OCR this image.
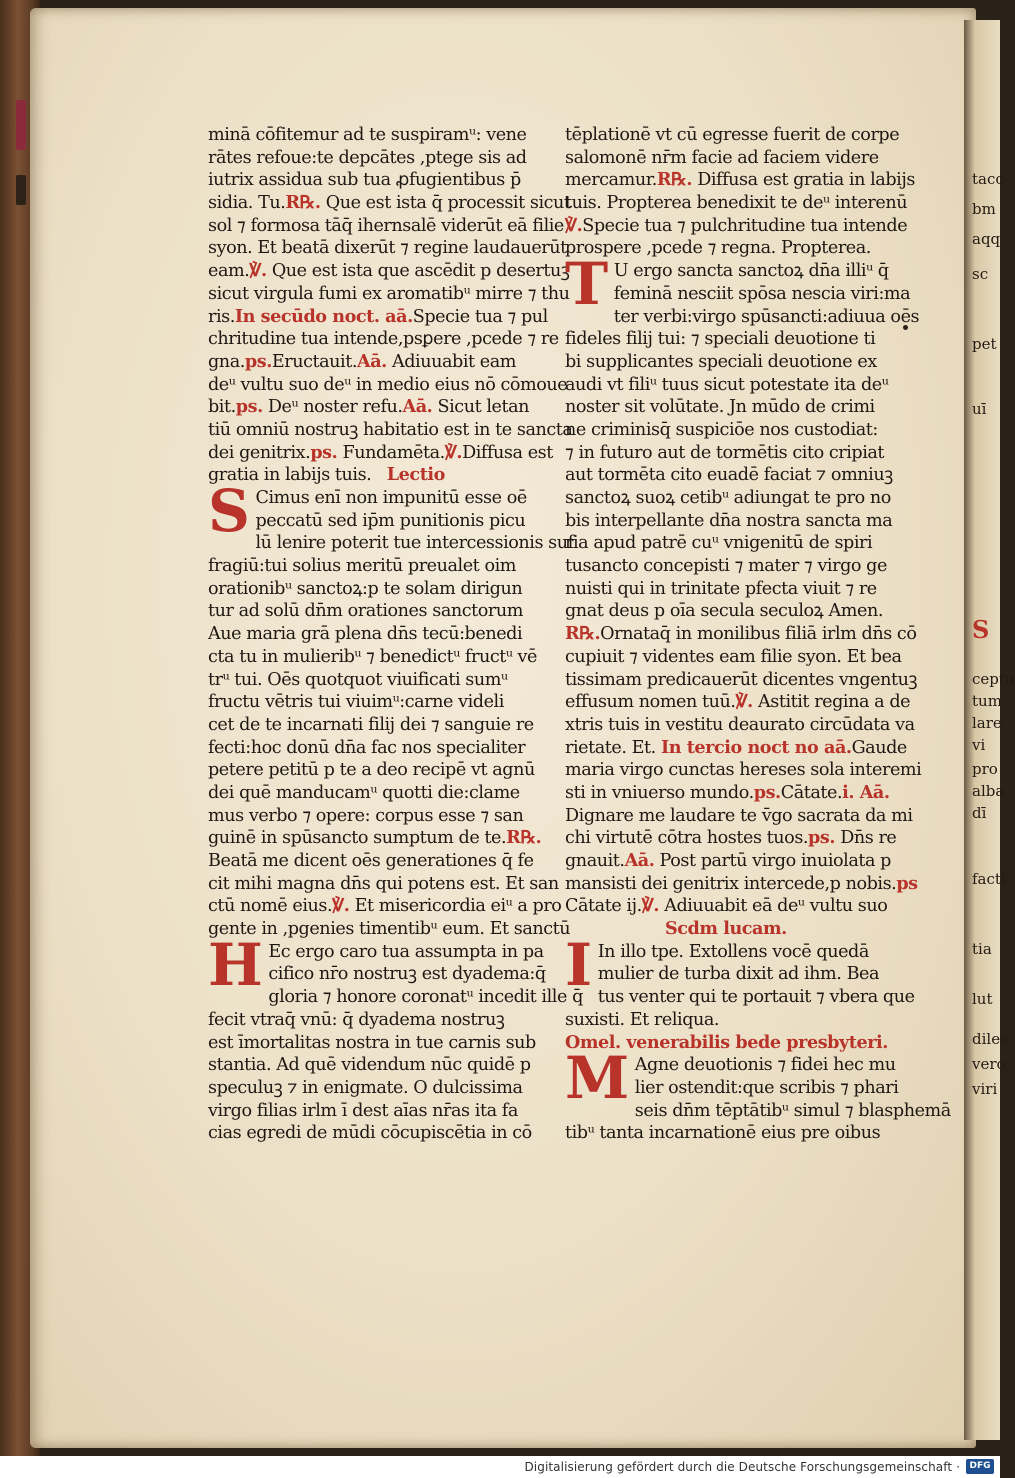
tacc
bm
aqq
sc
pet
uī
S
ceptu
tum
lare
vi
pro
alba
dī
facti
tia
lut
dilec
vero
viri
minā cōfitemur ad te suspiramᵘ: vene
rātes refoue:te depcātes ,ptege sis ad
iutrix assidua sub tua ꝓfugientibus p̄
sidia. Tu.R℞. Que est ista q̄ processit sicut
sol ⁊ formosa tāq̄ ihernsalē viderūt eā filie
syon. Et beatā dixerūt ⁊ regine laudauerūt
eam.℣. Que est ista que ascēdit p desertuꝫ
sicut virgula fumi ex aromatibᵘ mirre ⁊ thu
ris.In secūdo noct. aā.Specie tua ⁊ pul
chritudine tua intende,psꝑere ,pcede ⁊ re
gna.ps.Eructauit.Aā. Adiuuabit eam
deᵘ vultu suo deᵘ in medio eius nō cōmoue
bit.ps. Deᵘ noster refu.Aā. Sicut letan
tiū omniū nostruꝫ habitatio est in te sancta
dei genitrix.ps. Fundamēta.℣.Diffusa est
gratia in labijs tuis. Lectio
S Cimus enī non impunitū esse oē
peccatū sed ip̄m punitionis picu
lū lenire poterit tue intercessionis suf
fragiū:tui solius meritū preualet oim
orationibᵘ sanctoꝝ:p te solam dirigun
tur ad solū dn̄m orationes sanctorum
Aue maria grā plena dn̄s tecū:benedi
cta tu in mulieribᵘ ⁊ benedictᵘ fructᵘ vē
trᵘ tui. Oēs quotquot viuificati sumᵘ
fructu vētris tui viuimᵘ:carne videli
cet de te incarnati filij dei ⁊ sanguie re
fecti:hoc donū dn̄a fac nos specialiter
petere petitū p te a deo recipē vt agnū
dei quē manducamᵘ quotti die:clame
mus verbo ⁊ opere: corpus esse ⁊ san
guinē in spūsancto sumptum de te.R℞.
Beatā me dicent oēs generationes q̄ fe
cit mihi magna dn̄s qui potens est. Et san
ctū nomē eius.℣. Et misericordia eiᵘ a pro
gente in ,pgenies timentibᵘ eum. Et sanctū
H Ec ergo caro tua assumpta in pa
cifico nr̄o nostruꝫ est dyadema:q̄
gloria ⁊ honore coronatᵘ incedit ille q̄
fecit vtraq̄ vnū: q̄ dyadema nostruꝫ
est īmortalitas nostra in tue carnis sub
stantia. Ad quē videndum nūc quidē p
speculuꝫ ⁊ in enigmate. O dulcissima
virgo filias irlm ī dest aīas nr̄as ita fa
cias egredi de mūdi cōcupiscētia in cō
tēplationē vt cū egresse fuerit de corpe
salomonē nr̄m facie ad faciem videre
mercamur.R℞. Diffusa est gratia in labijs
tuis. Propterea benedixit te deᵘ interenū
℣.Specie tua ⁊ pulchritudine tua intende
prospere ,pcede ⁊ regna. Propterea.
T U ergo sancta sanctoꝝ dn̄a illiᵘ q̄
feminā nesciit spōsa nescia viri:ma
ter verbi:virgo spūsancti:adiuua oēs
fideles filij tui: ⁊ speciali deuotione ti
bi supplicantes speciali deuotione ex
audi vt filiᵘ tuus sicut potestate ita deᵘ
noster sit volūtate. Jn mūdo de crimi
ne criminisq̄ suspiciōe nos custodiat:
⁊ in futuro aut de tormētis cito cripiat
aut tormēta cito euadē faciat ⁊ omniuꝫ
sanctoꝝ suoꝝ cetibᵘ adiungat te pro no
bis interpellante dn̄a nostra sancta ma
ria apud patrē cuᵘ vnigenitū de spiri
tusancto concepisti ⁊ mater ⁊ virgo ge
nuisti qui in trinitate pfecta viuit ⁊ re
gnat deus p oīa secula seculoꝝ Amen.
R℞.Ornataq̄ in monilibus filiā irlm dn̄s cō
cupiuit ⁊ videntes eam filie syon. Et bea
tissimam predicauerūt dicentes vngentuꝫ
effusum nomen tuū.℣. Astitit regina a de
xtris tuis in vestitu deaurato circūdata va
rietate. Et. In tercio noct no aā.Gaude
maria virgo cunctas hereses sola interemi
sti in vniuerso mundo.ps.Cātate.i. Aā.
Dignare me laudare te v̄go sacrata da mi
chi virtutē cōtra hostes tuos.ps. Dn̄s re
gnauit.Aā. Post partū virgo inuiolata p
mansisti dei genitrix intercede,p nobis.ps
Cātate ij.℣. Adiuuabit eā deᵘ vultu suo
Scdm lucam.
I In illo tpe. Extollens vocē quedā
mulier de turba dixit ad ihm. Bea
tus venter qui te portauit ⁊ vbera que
suxisti. Et reliqua.
Omel. venerabilis bede presbyteri.
M Agne deuotionis ⁊ fidei hec mu
lier ostendit:que scribis ⁊ phari
seis dn̄m tēptātibᵘ simul ⁊ blasphemā
tibᵘ tanta incarnationē eius pre oibus
Digitalisierung gefördert durch die Deutsche Forschungsgemeinschaft ·	DFG
